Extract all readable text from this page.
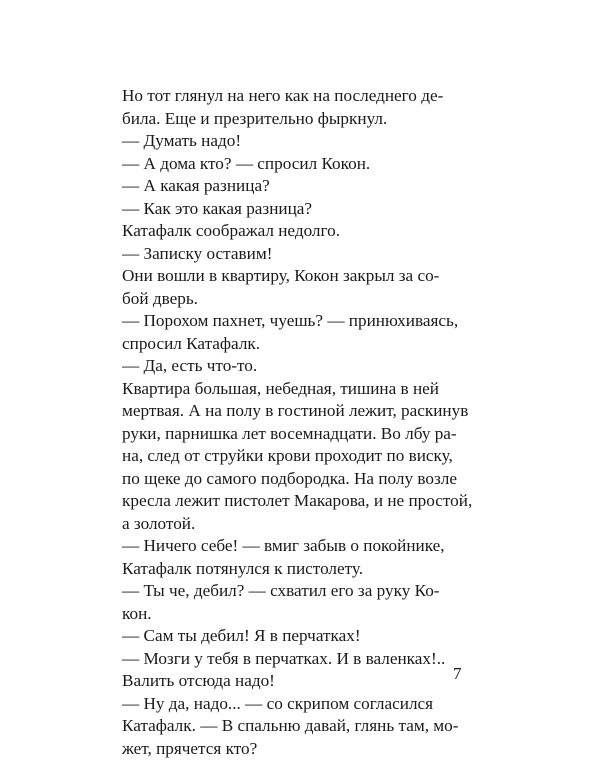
Но тот глянул на него как на последнего де-
била. Еще и презрительно фыркнул.
— Думать надо!
— А дома кто? — спросил Кокон.
— А какая разница?
— Как это какая разница?
Катафалк соображал недолго.
— Записку оставим!
Они вошли в квартиру, Кокон закрыл за со-
бой дверь.
— Порохом пахнет, чуешь? — принюхиваясь,
спросил Катафалк.
— Да, есть что-то.
Квартира большая, небедная, тишина в ней
мертвая. А на полу в гостиной лежит, раскинув
руки, парнишка лет восемнадцати. Во лбу ра-
на, след от струйки крови проходит по виску,
по щеке до самого подбородка. На полу возле
кресла лежит пистолет Макарова, и не простой,
а золотой.
— Ничего себе! — вмиг забыв о покойнике,
Катафалк потянулся к пистолету.
— Ты че, дебил? — схватил его за руку Ко-
кон.
— Сам ты дебил! Я в перчатках!
— Мозги у тебя в перчатках. И в валенках!..
Валить отсюда надо!
— Ну да, надо... — со скрипом согласился
Катафалк. — В спальню давай, глянь там, мо-
жет, прячется кто?
7
